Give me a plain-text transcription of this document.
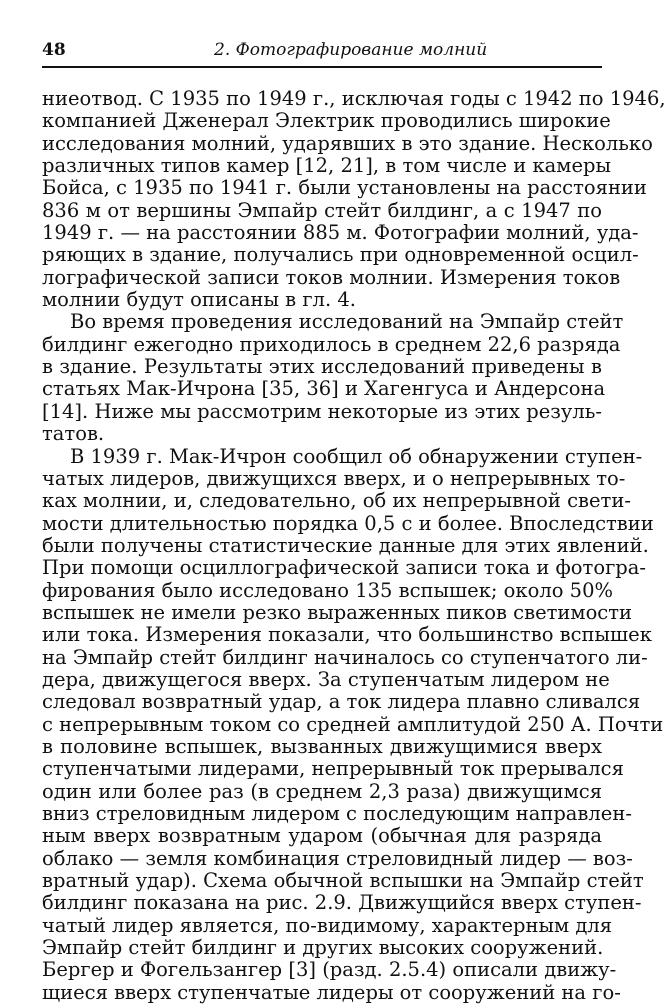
48	2. Фотографирование молний
ниеотвод. С 1935 по 1949 г., исключая годы с 1942 по 1946,
компанией Дженерал Электрик проводились широкие
исследования молний, ударявших в это здание. Несколько
различных типов камер [12, 21], в том числе и камеры
Бойса, с 1935 по 1941 г. были установлены на расстоянии
836 м от вершины Эмпайр стейт билдинг, а с 1947 по
1949 г. — на расстоянии 885 м. Фотографии молний, уда-
ряющих в здание, получались при одновременной осцил-
лографической записи токов молнии. Измерения токов
молнии будут описаны в гл. 4.
Во время проведения исследований на Эмпайр стейт
билдинг ежегодно приходилось в среднем 22,6 разряда
в здание. Результаты этих исследований приведены в
статьях Мак-Ичрона [35, 36] и Хагенгуса и Андерсона
[14]. Ниже мы рассмотрим некоторые из этих резуль-
татов.
В 1939 г. Мак-Ичрон сообщил об обнаружении ступен-
чатых лидеров, движущихся вверх, и о непрерывных то-
ках молнии, и, следовательно, об их непрерывной свети-
мости длительностью порядка 0,5 с и более. Впоследствии
были получены статистические данные для этих явлений.
При помощи осциллографической записи тока и фотогра-
фирования было исследовано 135 вспышек; около 50%
вспышек не имели резко выраженных пиков светимости
или тока. Измерения показали, что большинство вспышек
на Эмпайр стейт билдинг начиналось со ступенчатого ли-
дера, движущегося вверх. За ступенчатым лидером не
следовал возвратный удар, а ток лидера плавно сливался
с непрерывным током со средней амплитудой 250 А. Почти
в половине вспышек, вызванных движущимися вверх
ступенчатыми лидерами, непрерывный ток прерывался
один или более раз (в среднем 2,3 раза) движущимся
вниз стреловидным лидером с последующим направлен-
ным вверх возвратным ударом (обычная для разряда
облако — земля комбинация стреловидный лидер — воз-
вратный удар). Схема обычной вспышки на Эмпайр стейт
билдинг показана на рис. 2.9. Движущийся вверх ступен-
чатый лидер является, по-видимому, характерным для
Эмпайр стейт билдинг и других высоких сооружений.
Бергер и Фогельзангер [3] (разд. 2.5.4) описали движу-
щиеся вверх ступенчатые лидеры от сооружений на го-
